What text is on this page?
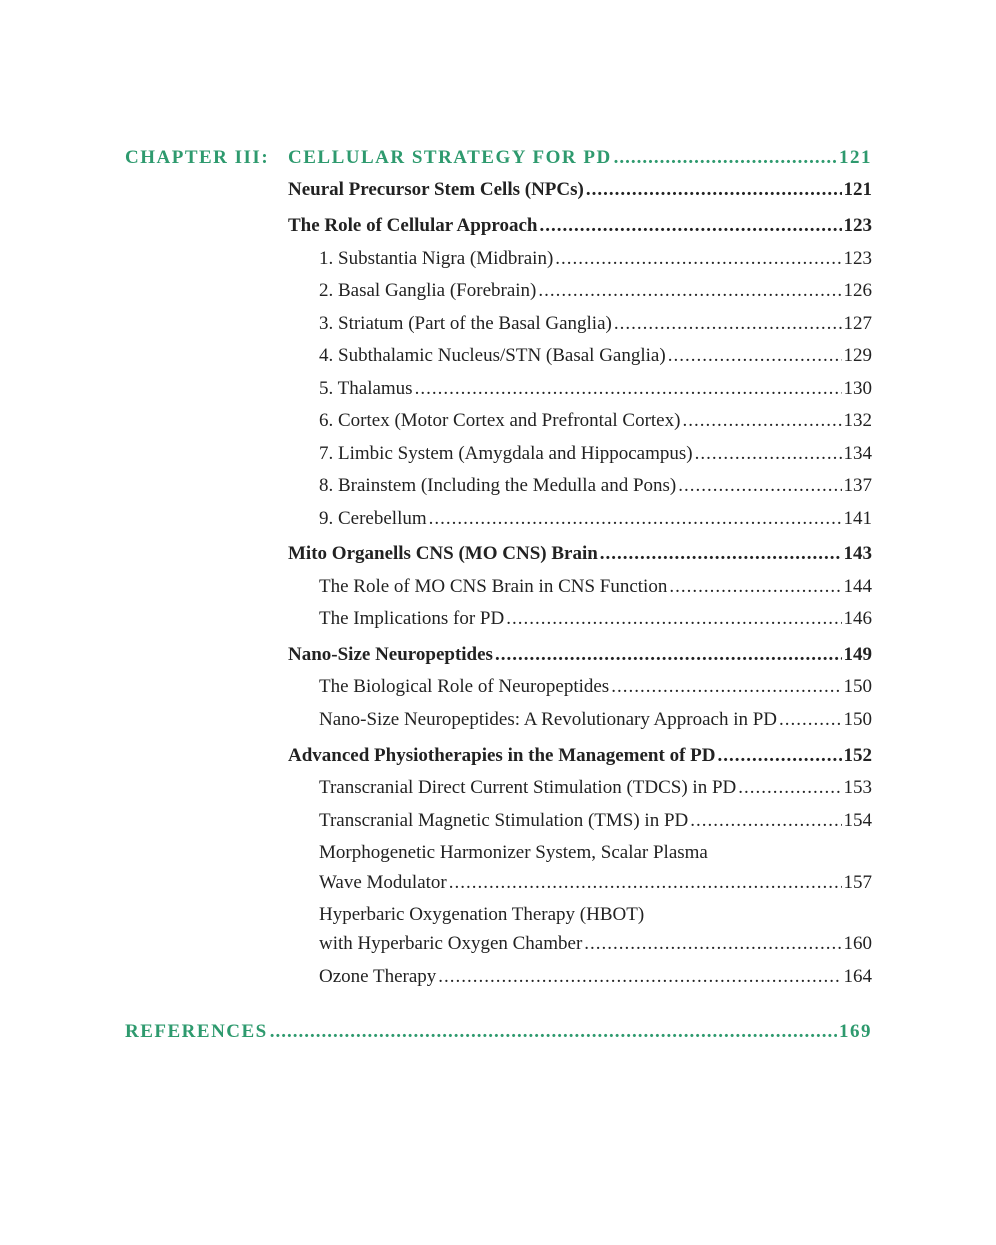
CHAPTER III: CELLULAR STRATEGY FOR PD .....	121
Neural Precursor Stem Cells (NPCs) .....	121
The Role of Cellular Approach .....	123
1. Substantia Nigra (Midbrain) .....	123
2. Basal Ganglia (Forebrain) .....	126
3. Striatum (Part of the Basal Ganglia) .....	127
4. Subthalamic Nucleus/STN (Basal Ganglia) .....	129
5. Thalamus .....	130
6. Cortex (Motor Cortex and Prefrontal Cortex) .....	132
7. Limbic System (Amygdala and Hippocampus) .....	134
8. Brainstem (Including the Medulla and Pons) .....	137
9. Cerebellum .....	141
Mito Organells CNS (MO CNS) Brain .....	143
The Role of MO CNS Brain in CNS Function .....	144
The Implications for PD .....	146
Nano-Size Neuropeptides .....	149
The Biological Role of Neuropeptides .....	150
Nano-Size Neuropeptides: A Revolutionary Approach in PD .....	150
Advanced Physiotherapies in the Management of PD .....	152
Transcranial Direct Current Stimulation (TDCS) in PD .....	153
Transcranial Magnetic Stimulation (TMS) in PD .....	154
Morphogenetic Harmonizer System, Scalar Plasma
Wave Modulator .....	157
Hyperbaric Oxygenation Therapy (HBOT)
with Hyperbaric Oxygen Chamber .....	160
Ozone Therapy .....	164
REFERENCES .....	169
